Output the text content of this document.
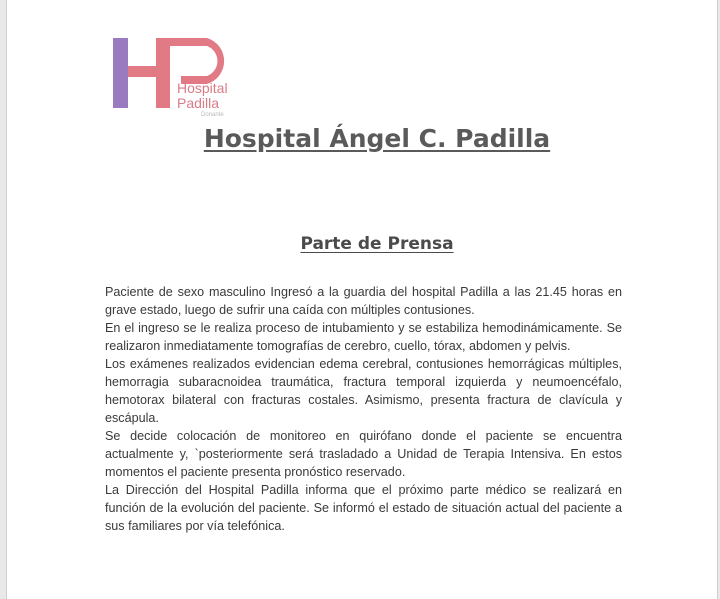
Hospital
Padilla
Donante
Hospital Ángel C. Padilla
Parte de Prensa

Paciente de sexo masculino Ingresó a la guardia del hospital Padilla a las 21.45 horas en grave estado, luego de sufrir una caída con múltiples contusiones.

En el ingreso se le realiza proceso de intubamiento y se estabiliza hemodinámicamente. Se realizaron inmediatamente tomografías de cerebro, cuello, tórax, abdomen y pelvis.

Los exámenes realizados evidencian edema cerebral, contusiones hemorrágicas múltiples, hemorragia subaracnoidea traumática, fractura temporal izquierda y neumoencéfalo, hemotorax bilateral con fracturas costales. Asimismo, presenta fractura de clavícula y escápula.

Se decide colocación de monitoreo en quirófano donde el paciente se encuentra actualmente y, `posteriormente será trasladado a Unidad de Terapia Intensiva. En estos momentos el paciente presenta pronóstico reservado.

La Dirección del Hospital Padilla informa que el próximo parte médico se realizará en función de la evolución del paciente. Se informó el estado de situación actual del paciente a sus familiares por vía telefónica.
